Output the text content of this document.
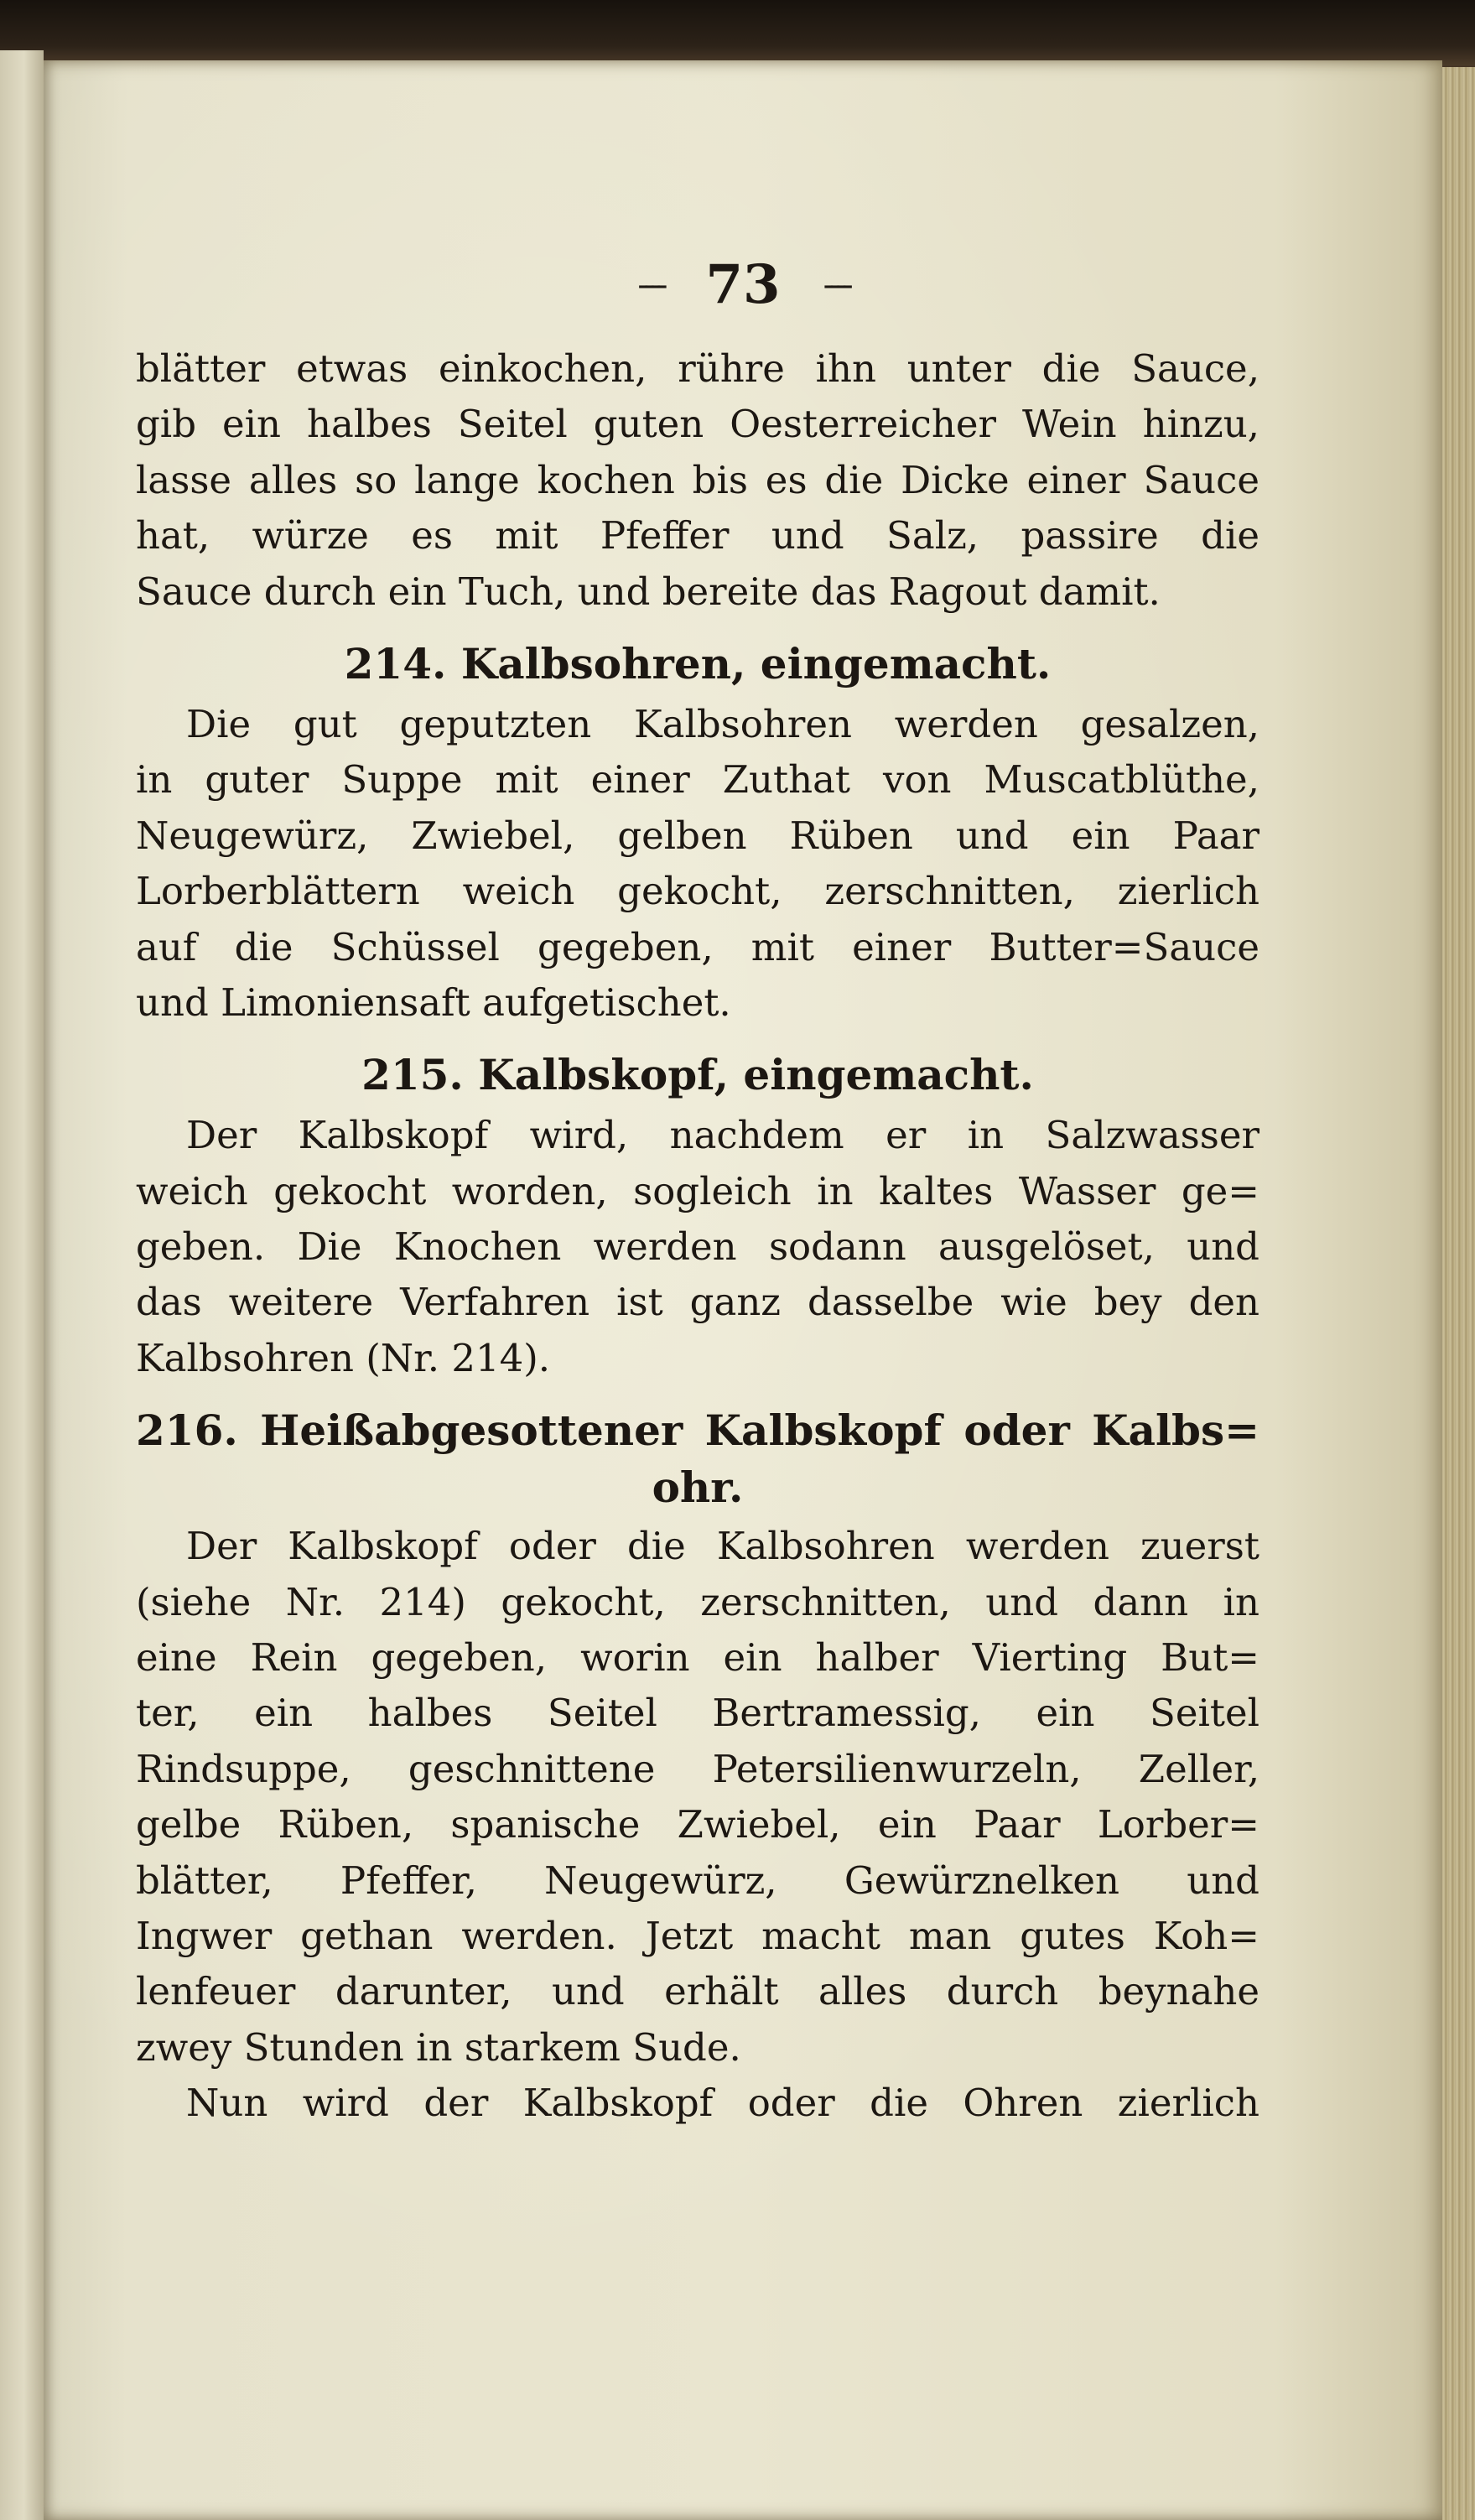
---- 73 ----
blätter etwas einkochen, rühre ihn unter die Sauce,
gib ein halbes Seitel guten Oesterreicher Wein hinzu,
lasse alles so lange kochen bis es die Dicke einer Sauce
hat, würze es mit Pfeffer und Salz, passire die
Sauce durch ein Tuch, und bereite das Ragout damit.
214. Kalbsohren, eingemacht.
Die gut geputzten Kalbsohren werden gesalzen,
in guter Suppe mit einer Zuthat von Muscatblüthe,
Neugewürz, Zwiebel, gelben Rüben und ein Paar
Lorberblättern weich gekocht, zerschnitten, zierlich
auf die Schüssel gegeben, mit einer Butter=Sauce
und Limoniensaft aufgetischet.
215. Kalbskopf, eingemacht.
Der Kalbskopf wird, nachdem er in Salzwasser
weich gekocht worden, sogleich in kaltes Wasser ge=
geben. Die Knochen werden sodann ausgelöset, und
das weitere Verfahren ist ganz dasselbe wie bey den
Kalbsohren (Nr. 214).
216. Heißabgesottener Kalbskopf oder Kalbs=
ohr.
Der Kalbskopf oder die Kalbsohren werden zuerst
(siehe Nr. 214) gekocht, zerschnitten, und dann in
eine Rein gegeben, worin ein halber Vierting But=
ter, ein halbes Seitel Bertramessig, ein Seitel
Rindsuppe, geschnittene Petersilienwurzeln, Zeller,
gelbe Rüben, spanische Zwiebel, ein Paar Lorber=
blätter, Pfeffer, Neugewürz, Gewürznelken und
Ingwer gethan werden. Jetzt macht man gutes Koh=
lenfeuer darunter, und erhält alles durch beynahe
zwey Stunden in starkem Sude.
Nun wird der Kalbskopf oder die Ohren zierlich
